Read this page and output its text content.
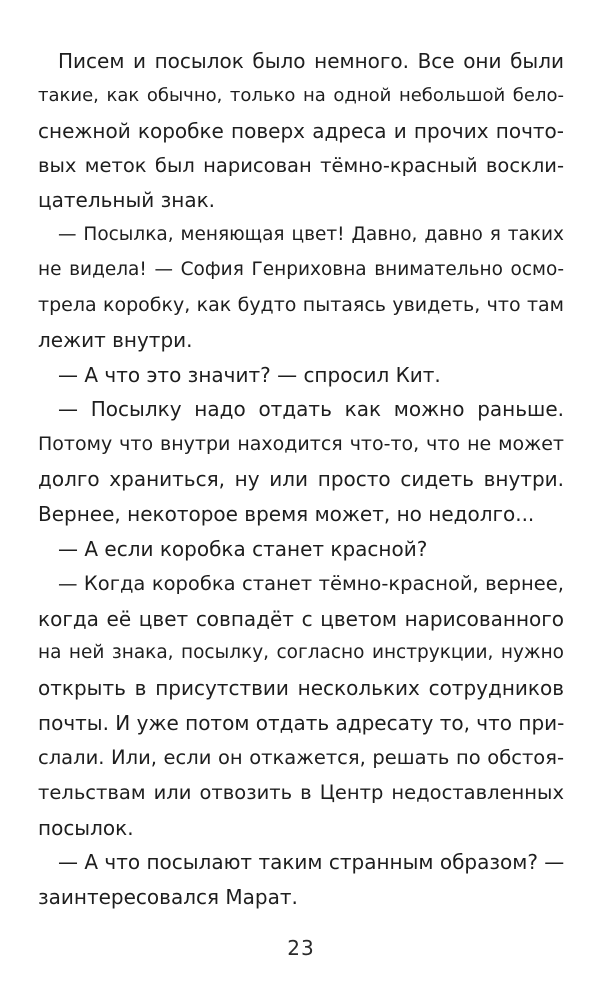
Писем и посылок было немного. Все они были
такие, как обычно, только на одной небольшой бело-
снежной коробке поверх адреса и прочих почто-
вых меток был нарисован тёмно-красный воскли-
цательный знак.
— Посылка, меняющая цвет! Давно, давно я таких
не видела! — София Генриховна внимательно осмо-
трела коробку, как будто пытаясь увидеть, что там
лежит внутри.
— А что это значит? — спросил Кит.
— Посылку надо отдать как можно раньше.
Потому что внутри находится что-то, что не может
долго храниться, ну или просто сидеть внутри.
Вернее, некоторое время может, но недолго...
— А если коробка станет красной?
— Когда коробка станет тёмно-красной, вернее,
когда её цвет совпадёт с цветом нарисованного
на ней знака, посылку, согласно инструкции, нужно
открыть в присутствии нескольких сотрудников
почты. И уже потом отдать адресату то, что при-
слали. Или, если он откажется, решать по обстоя-
тельствам или отвозить в Центр недоставленных
посылок.
— А что посылают таким странным образом? —
заинтересовался Марат.
23
